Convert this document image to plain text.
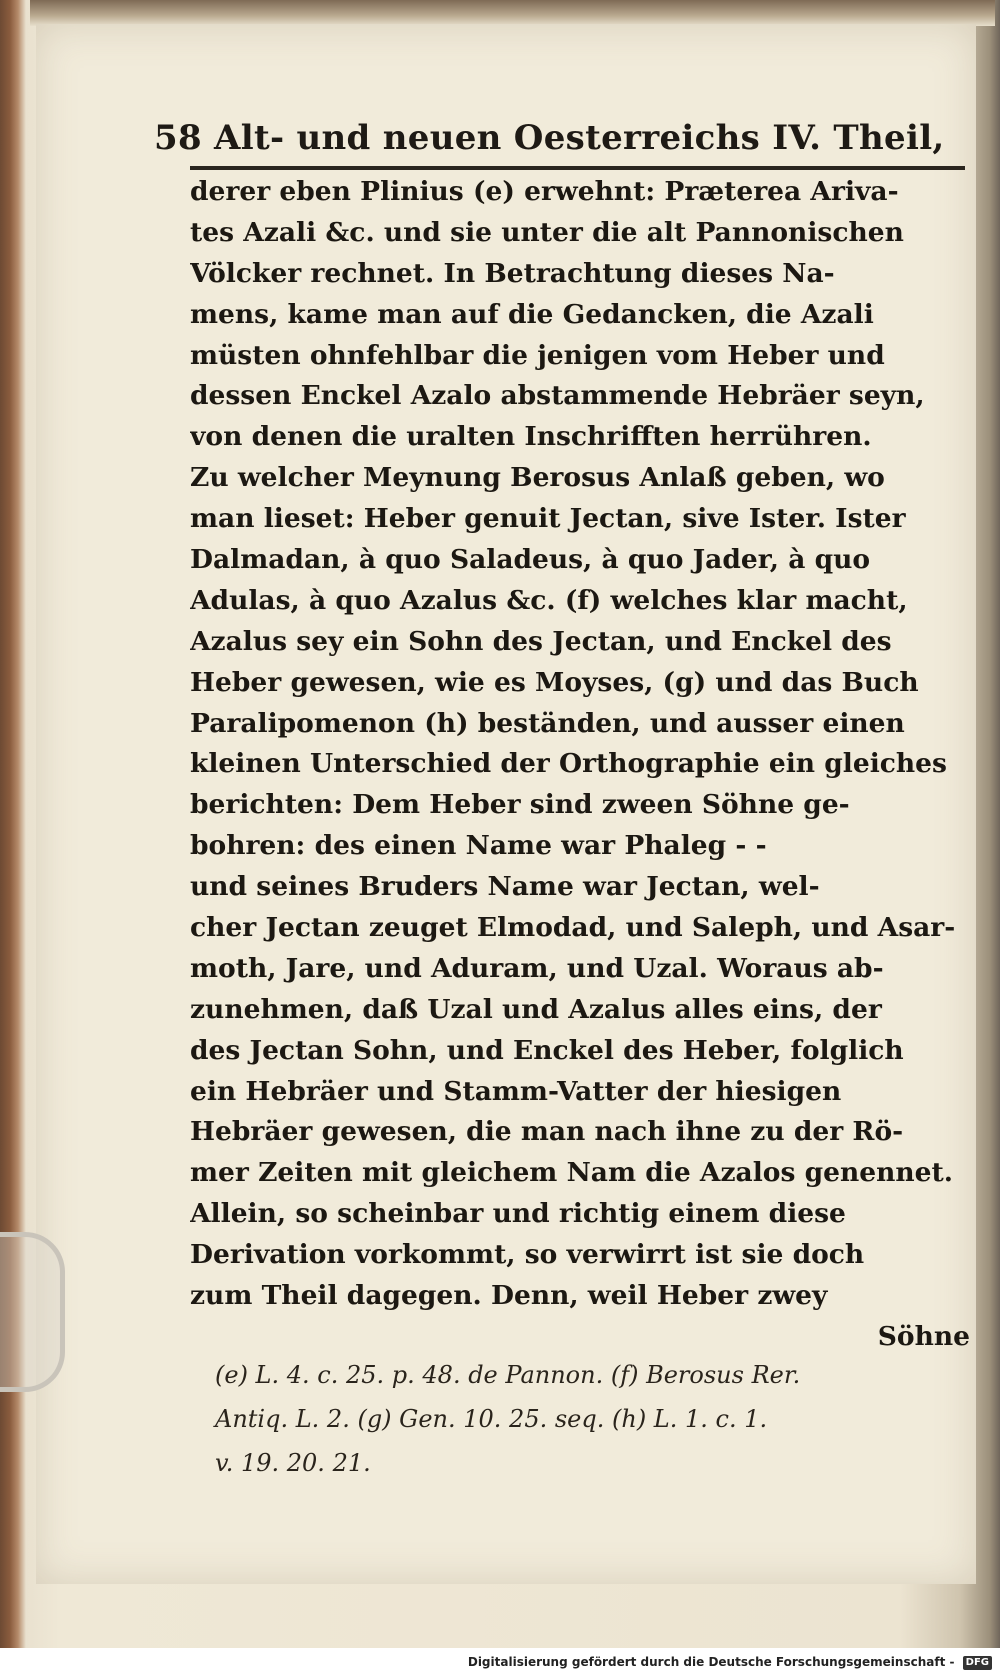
58 Alt- und neuen Oesterreichs IV. Theil,
derer eben Plinius (e) erwehnt: Præterea Ariva-
tes Azali &c. und sie unter die alt Pannonischen
Völcker rechnet. In Betrachtung dieses Na-
mens, kame man auf die Gedancken, die Azali
müsten ohnfehlbar die jenigen vom Heber und
dessen Enckel Azalo abstammende Hebräer seyn,
von denen die uralten Inschrifften herrühren.
Zu welcher Meynung Berosus Anlaß geben, wo
man lieset: Heber genuit Jectan, sive Ister. Ister
Dalmadan, à quo Saladeus, à quo Jader, à quo
Adulas, à quo Azalus &c. (f) welches klar macht,
Azalus sey ein Sohn des Jectan, und Enckel des
Heber gewesen, wie es Moyses, (g) und das Buch
Paralipomenon (h) beständen, und ausser einen
kleinen Unterschied der Orthographie ein gleiches
berichten: Dem Heber sind zween Söhne ge-
bohren: des einen Name war Phaleg - -
und seines Bruders Name war Jectan, wel-
cher Jectan zeuget Elmodad, und Saleph, und Asar-
moth, Jare, und Aduram, und Uzal. Woraus ab-
zunehmen, daß Uzal und Azalus alles eins, der
des Jectan Sohn, und Enckel des Heber, folglich
ein Hebräer und Stamm-Vatter der hiesigen
Hebräer gewesen, die man nach ihne zu der Rö-
mer Zeiten mit gleichem Nam die Azalos genennet.
Allein, so scheinbar und richtig einem diese
Derivation vorkommt, so verwirrt ist sie doch
zum Theil dagegen. Denn, weil Heber zwey
Söhne
(e) L. 4. c. 25. p. 48. de Pannon. (f) Berosus Rer.
Antiq. L. 2. (g) Gen. 10. 25. seq. (h) L. 1. c. 1.
v. 19. 20. 21.
Digitalisierung gefördert durch die Deutsche Forschungsgemeinschaft - DFG
